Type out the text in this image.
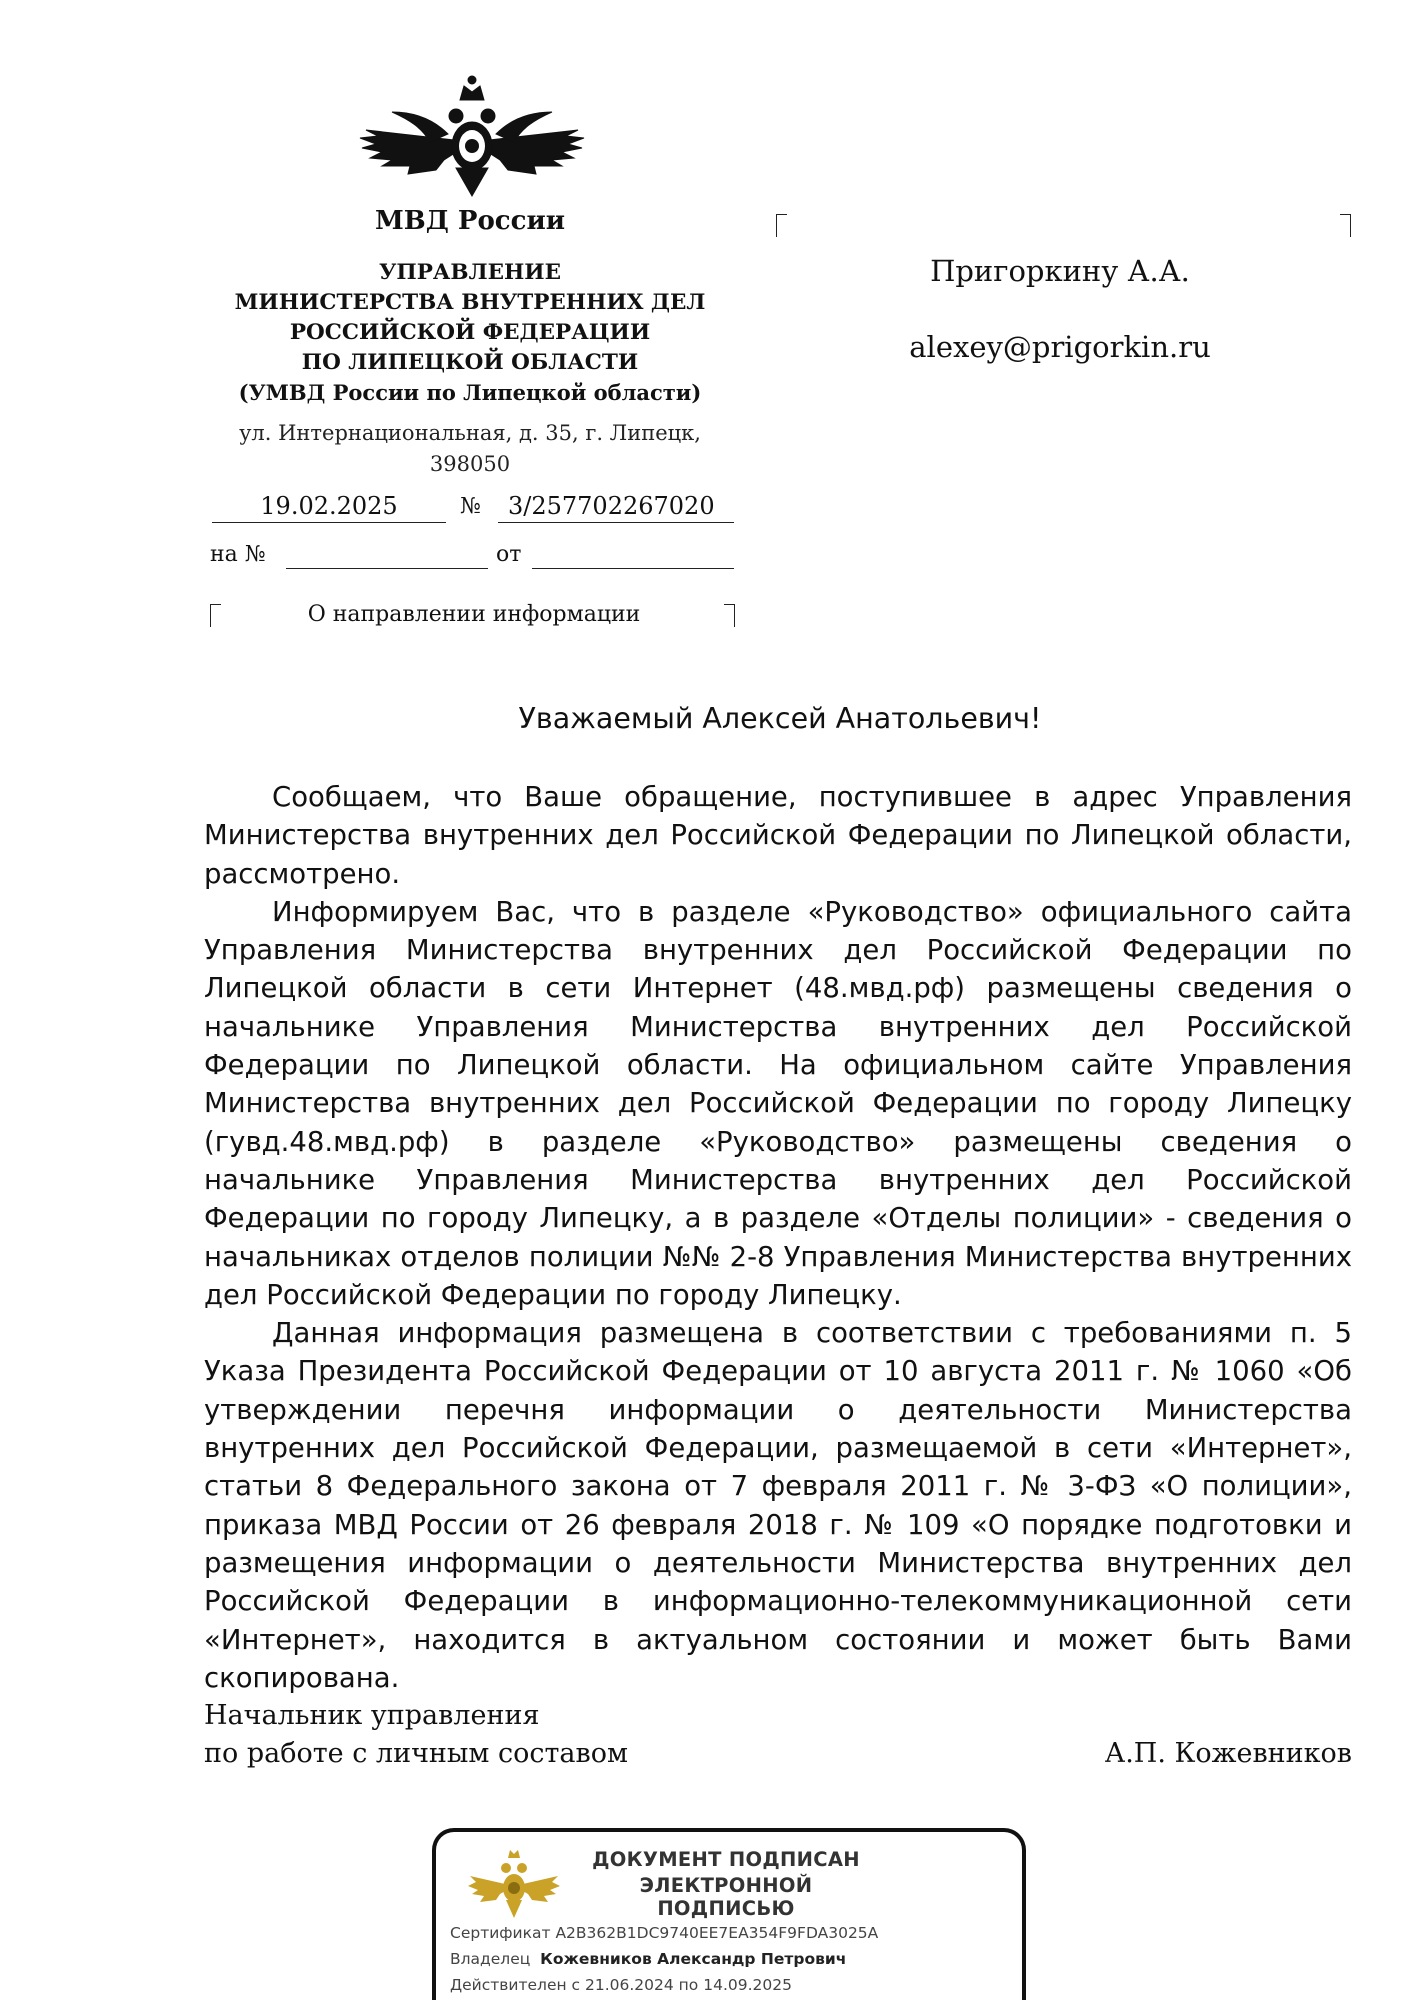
МВД России
УПРАВЛЕНИЕ
МИНИСТЕРСТВА ВНУТРЕННИХ ДЕЛ
РОССИЙСКОЙ ФЕДЕРАЦИИ
ПО ЛИПЕЦКОЙ ОБЛАСТИ
(УМВД России по Липецкой области)
ул. Интернациональная, д. 35, г. Липецк,
398050
19.02.2025	№ 3/257702267020
на №	от
О направлении информации
Пригоркину А.А.
alexey@prigorkin.ru
Уважаемый Алексей Анатольевич!

Сообщаем, что Ваше обращение, поступившее в адрес Управления Министерства внутренних дел Российской Федерации по Липецкой области, рассмотрено.

Информируем Вас, что в разделе «Руководство» официального сайта Управления Министерства внутренних дел Российской Федерации по Липецкой области в сети Интернет (48.мвд.рф) размещены сведения о начальнике Управления Министерства внутренних дел Российской Федерации по Липецкой области. На официальном сайте Управления Министерства внутренних дел Российской Федерации по городу Липецку (гувд.48.мвд.рф) в разделе «Руководство» размещены сведения о начальнике Управления Министерства внутренних дел Российской Федерации по городу Липецку, а в разделе «Отделы полиции» - сведения о начальниках отделов полиции №№ 2-8 Управления Министерства внутренних дел Российской Федерации по городу Липецку.

Данная информация размещена в соответствии с требованиями п. 5 Указа Президента Российской Федерации от 10 августа 2011 г. № 1060 «Об утверждении перечня информации о деятельности Министерства внутренних дел Российской Федерации, размещаемой в сети «Интернет», статьи 8 Федерального закона от 7 февраля 2011 г. № 3-ФЗ «О полиции», приказа МВД России от 26 февраля 2018 г. № 109 «О порядке подготовки и размещения информации о деятельности Министерства внутренних дел Российской Федерации в информационно-телекоммуникационной сети «Интернет», находится в актуальном состоянии и может быть Вами скопирована.

Начальник управления
по работе с личным составом	А.П. Кожевников
ДОКУМЕНТ ПОДПИСАН
ЭЛЕКТРОННОЙ ПОДПИСЬЮ
Сертификат A2B362B1DC9740EE7EA354F9FDA3025A
Владелец Кожевников Александр Петрович
Действителен с 21.06.2024 по 14.09.2025
